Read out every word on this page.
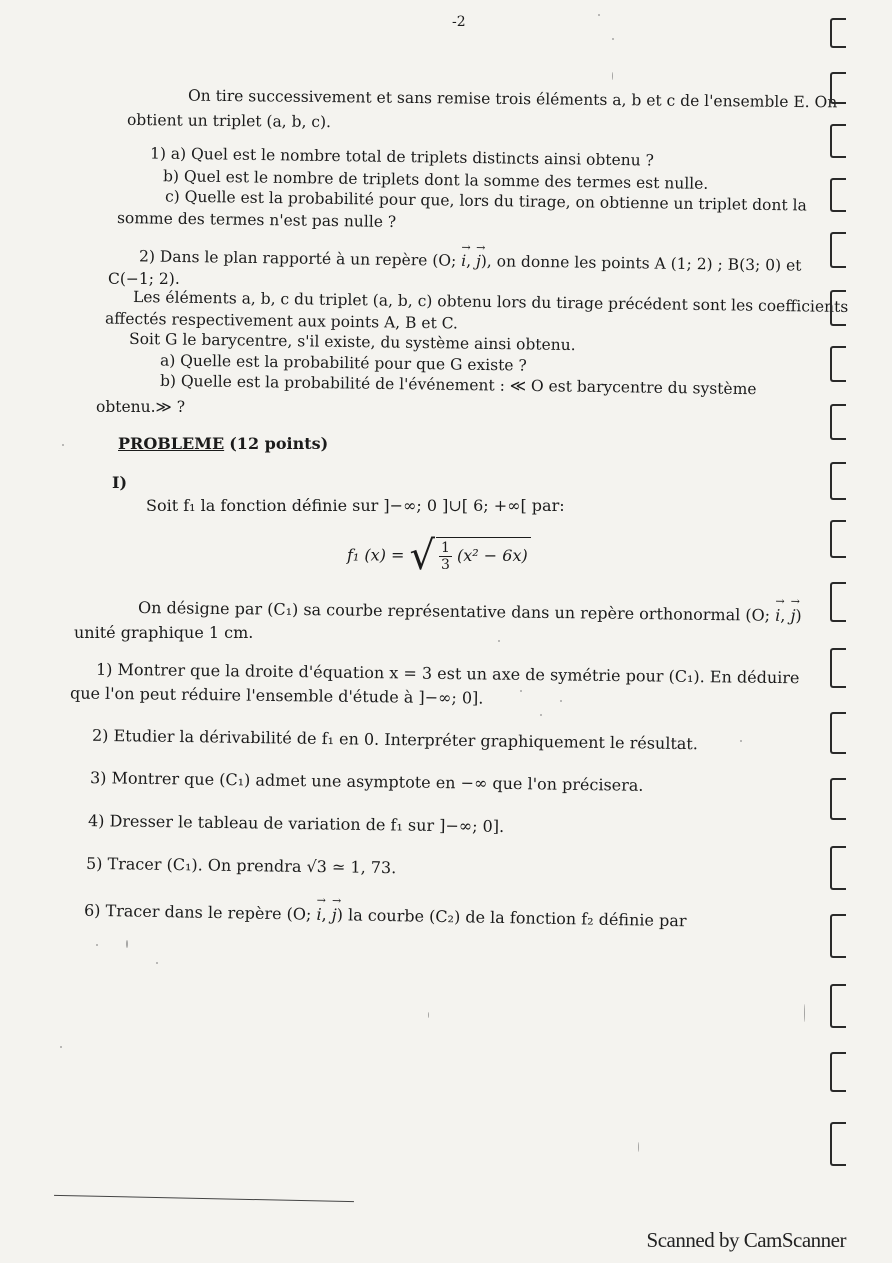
-2
On tire successivement et sans remise trois éléments a, b et c de l'ensemble E. On
obtient un triplet (a, b, c).
1) a) Quel est le nombre total de triplets distincts ainsi obtenu ?
b) Quel est le nombre de triplets dont la somme des termes est nulle.
c) Quelle est la probabilité pour que, lors du tirage, on obtienne un triplet dont la
somme des termes n'est pas nulle ?
2) Dans le plan rapporté à un repère (O; → i, → j), on donne les points A (1; 2) ; B(3; 0) et
C(−1; 2).
Les éléments a, b, c du triplet (a, b, c) obtenu lors du tirage précédent sont les coefficients
affectés respectivement aux points A, B et C.
Soit G le barycentre, s'il existe, du système ainsi obtenu.
a) Quelle est la probabilité pour que G existe ?
b) Quelle est la probabilité de l'événement : ≪ O est barycentre du système
obtenu.≫ ?
PROBLEME (12 points)
I)
Soit f₁ la fonction définie sur ]−∞; 0 ]∪[ 6; +∞[ par:
f₁ (x) = √ $\frac{1}{3} (x^2 - 6x)$
On désigne par (C₁) sa courbe représentative dans un repère orthonormal (O; → i, → j)
unité graphique 1 cm.
1) Montrer que la droite d'équation x = 3 est un axe de symétrie pour (C₁). En déduire
que l'on peut réduire l'ensemble d'étude à ]−∞; 0].
2) Etudier la dérivabilité de f₁ en 0. Interpréter graphiquement le résultat.
3) Montrer que (C₁) admet une asymptote en −∞ que l'on précisera.
4) Dresser le tableau de variation de f₁ sur ]−∞; 0].
5) Tracer (C₁). On prendra √3 ≃ 1, 73.
6) Tracer dans le repère (O; → i, → j) la courbe (C₂) de la fonction f₂ définie par
Scanned by CamScanner
